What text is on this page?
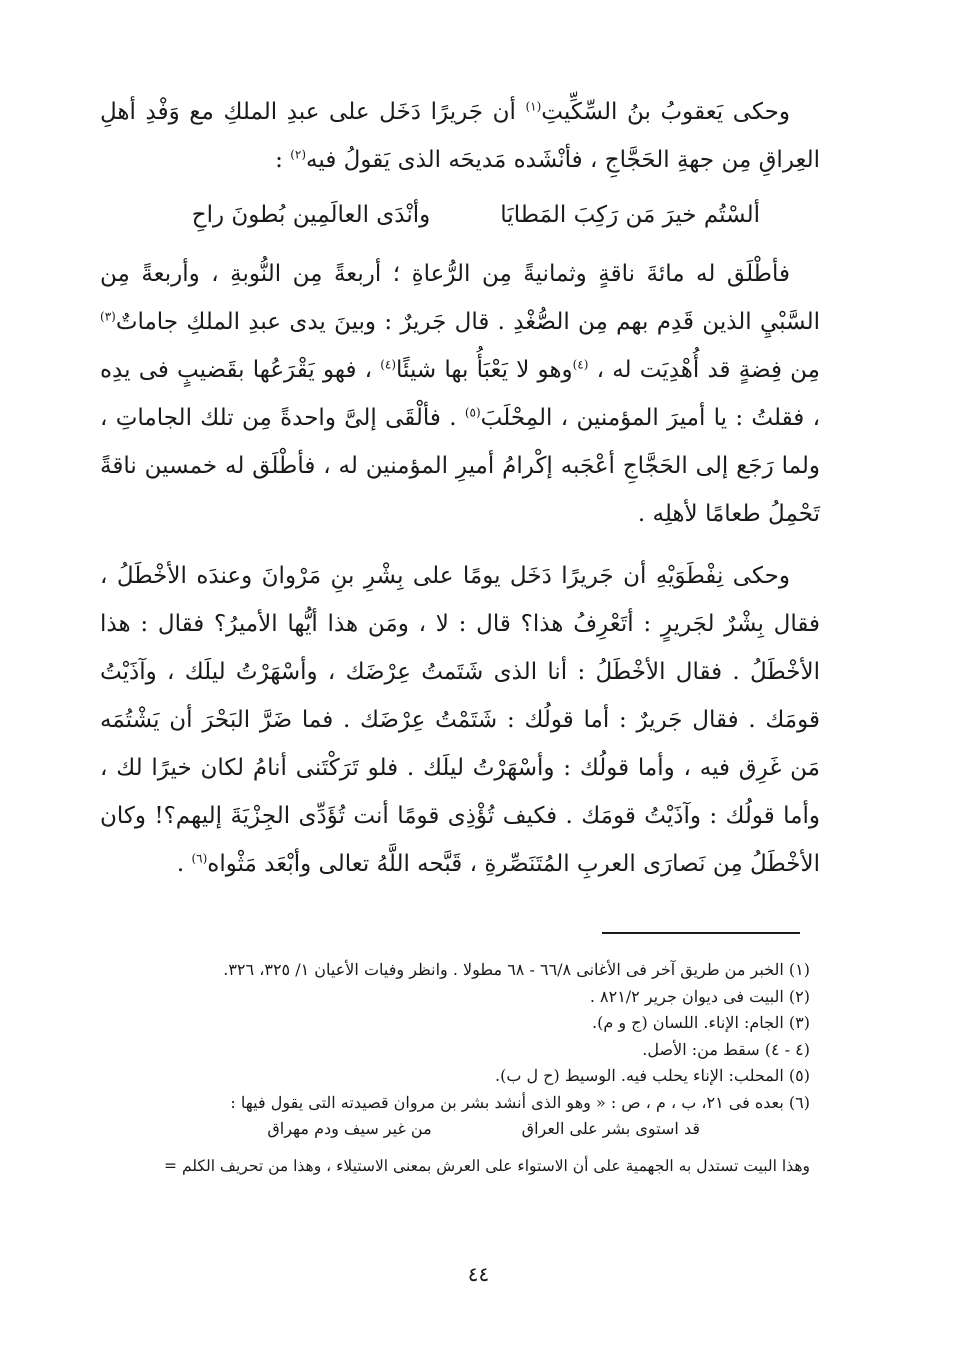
وحكى يَعقوبُ بنُ السِّكِّيتِ$^{(١)}$ أن جَريرًا دَخَل على عبدِ الملكِ مع وَفْدِ أهلِ العِراقِ مِن جهةِ الحَجَّاجِ ، فأنْشَده مَديحَه الذى يَقولُ فيه$^{(٢)}$ :

ألسْتُم خيرَ مَن رَكِبَ المَطايَا
وأنْدَى العالَمِين بُطونَ راحِ

فأطْلَق له مائةَ ناقةٍ وثمانيةً مِن الرُّعاةِ ؛ أربعةً مِن النُّوبةِ ، وأربعةً مِن السَّبْيِ الذين قَدِم بهم مِن الصُّغْدِ . قال جَريرٌ : وبينَ يدى عبدِ الملكِ جاماتٌ$^{(٣)}$ مِن فِضةٍ قد أُهْدِيَت له ، $^{(٤)}$وهو لا يَعْبَأُ بها شيئًا$^{(٤)}$ ، فهو يَقْرَعُها بقَضيبٍ فى يدِه ، فقلتُ : يا أميرَ المؤمنين ، المِحْلَبَ$^{(٥)}$ . فألْقَى إلىَّ واحدةً مِن تلك الجاماتِ ، ولما رَجَع إلى الحَجَّاجِ أعْجَبه إكْرامُ أميرِ المؤمنين له ، فأطْلَق له خمسين ناقةً تَحْمِلُ طعامًا لأهلِه .

وحكى نِفْطَوَيْهِ أن جَريرًا دَخَل يومًا على بِشْرِ بنِ مَرْوانَ وعندَه الأخْطَلُ ، فقال بِشْرٌ لجَريرٍ : أتَعْرِفُ هذا؟ قال : لا ، ومَن هذا أيُّها الأميرُ؟ فقال : هذا الأخْطَلُ . فقال الأخْطَلُ : أنا الذى شَتَمتُ عِرْضَك ، وأسْهَرْتُ ليلَك ، وآذَيْتُ قومَك . فقال جَريرٌ : أما قولُك : شَتَمْتُ عِرْضَك . فما ضَرَّ البَحْرَ أن يَشْتُمَه مَن غَرِق فيه ، وأما قولُك : وأسْهَرْتُ ليلَك . فلو تَرَكْتَنى أنامُ لكان خيرًا لك ، وأما قولُك : وآذَيْتُ قومَك . فكيف تُؤْذِى قومًا أنت تُؤَدِّى الجِزْيَةَ إليهم؟! وكان الأخْطَلُ مِن نَصارَى العربِ المُتَنَصِّرةِ ، قَبَّحه اللَّهُ تعالى وأبْعَد مَثْواه$^{(٦)}$ .

(١) الخبر من طريق آخر فى الأغانى ٦٦/٨ - ٦٨ مطولا . وانظر وفيات الأعيان ١/ ٣٢٥، ٣٢٦.

(٢) البيت فى ديوان جرير ٨٢١/٢ .

(٣) الجام: الإناء. اللسان (ج و م).

(٤ - ٤) سقط من: الأصل.

(٥) المحلب: الإناء يحلب فيه. الوسيط (ح ل ب).

(٦) بعده فى ٢١، ب ، م ، ص : « وهو الذى أنشد بشر بن مروان قصيدته التى يقول فيها :

قد استوى بشر على العراق
من غير سيف ودم مهراق

وهذا البيت تستدل به الجهمية على أن الاستواء على العرش بمعنى الاستيلاء ، وهذا من تحريف الكلم =

٤٤
